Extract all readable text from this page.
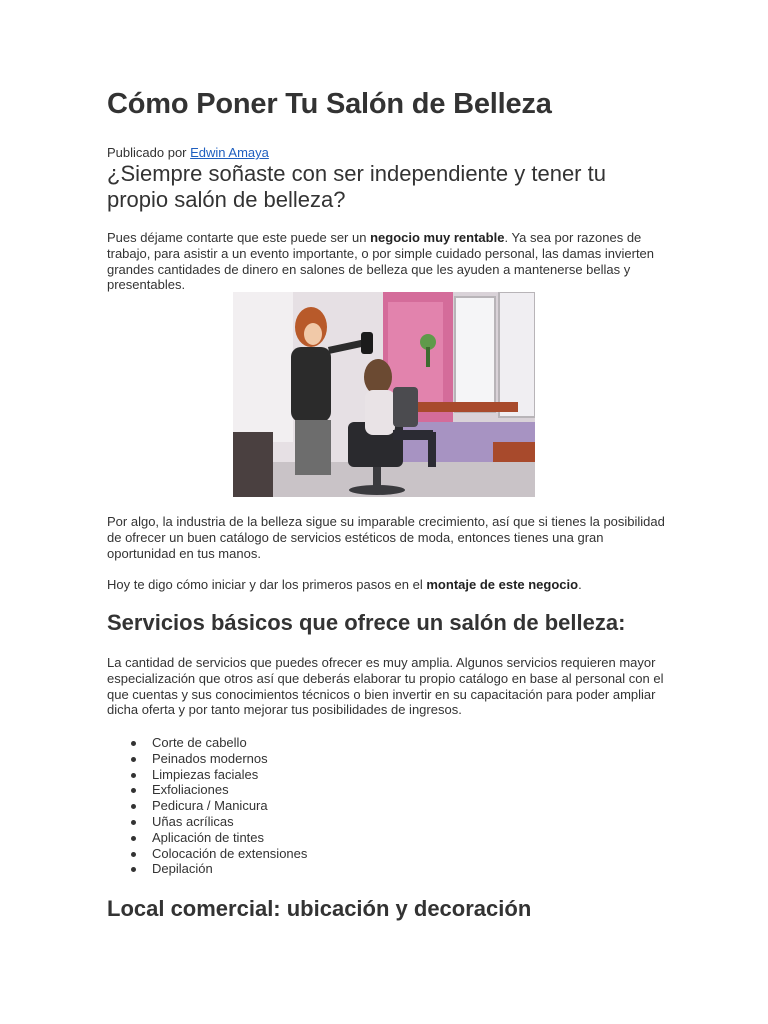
Cómo Poner Tu Salón de Belleza
Publicado por Edwin Amaya
¿Siempre soñaste con ser independiente y tener tu propio salón de belleza?

Pues déjame contarte que este puede ser un negocio muy rentable. Ya sea por razones de trabajo, para asistir a un evento importante, o por simple cuidado personal, las damas invierten grandes cantidades de dinero en salones de belleza que les ayuden a mantenerse bellas y presentables.

Por algo, la industria de la belleza sigue su imparable crecimiento, así que si tienes la posibilidad de ofrecer un buen catálogo de servicios estéticos de moda, entonces tienes una gran oportunidad en tus manos.

Hoy te digo cómo iniciar y dar los primeros pasos en el montaje de este negocio.

Servicios básicos que ofrece un salón de belleza:

La cantidad de servicios que puedes ofrecer es muy amplia. Algunos servicios requieren mayor especialización que otros así que deberás elaborar tu propio catálogo en base al personal con el que cuentas y sus conocimientos técnicos o bien invertir en su capacitación para poder ampliar dicha oferta y por tanto mejorar tus posibilidades de ingresos.

Corte de cabello
Peinados modernos
Limpiezas faciales
Exfoliaciones
Pedicura / Manicura
Uñas acrílicas
Aplicación de tintes
Colocación de extensiones
Depilación
Local comercial: ubicación y decoración
